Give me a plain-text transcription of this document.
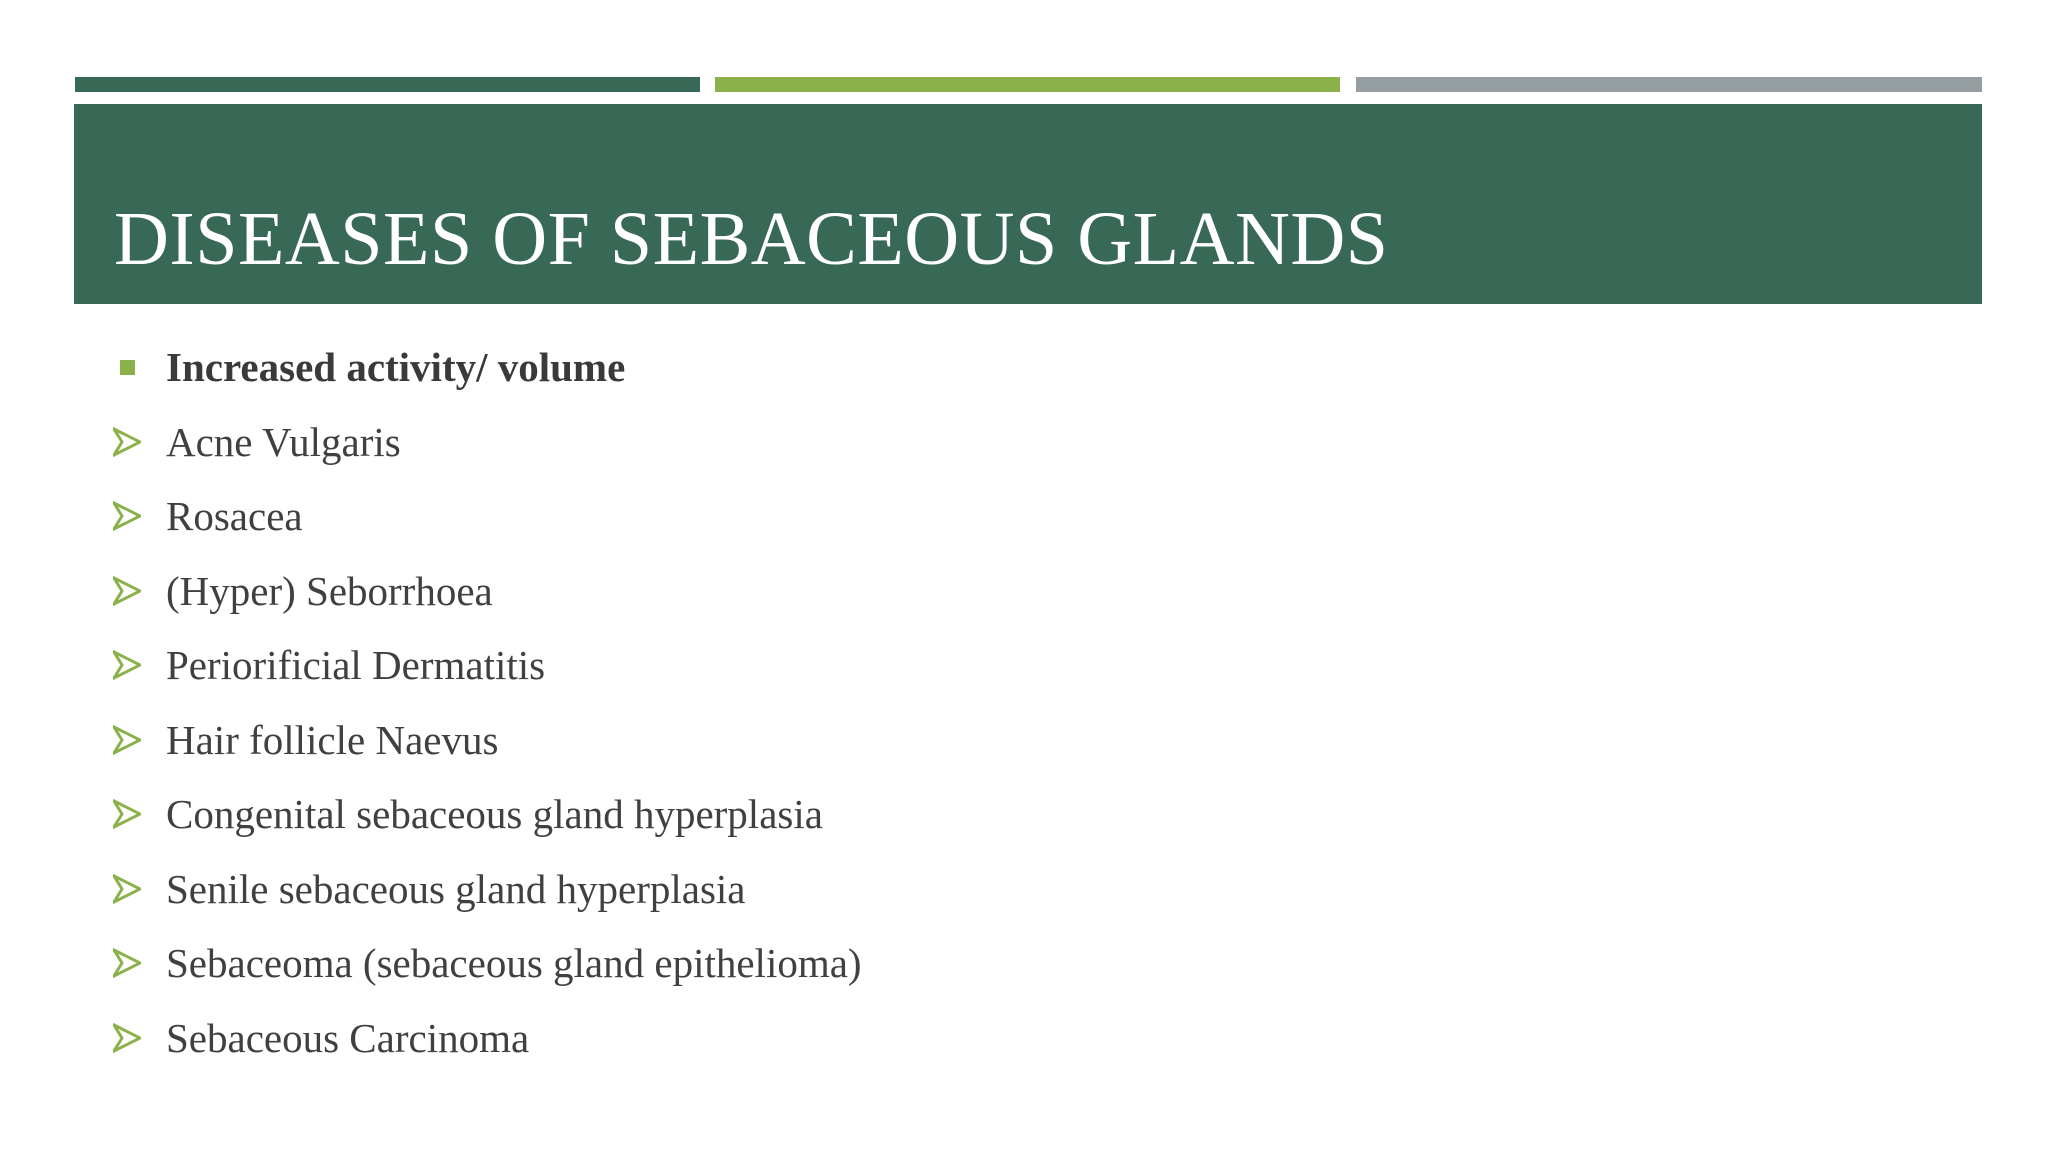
DISEASES OF SEBACEOUS GLANDS
Increased activity/ volume
Acne Vulgaris
Rosacea
(Hyper) Seborrhoea
Periorificial Dermatitis
Hair follicle Naevus
Congenital sebaceous gland hyperplasia
Senile sebaceous gland hyperplasia
Sebaceoma (sebaceous gland epithelioma)
Sebaceous Carcinoma
